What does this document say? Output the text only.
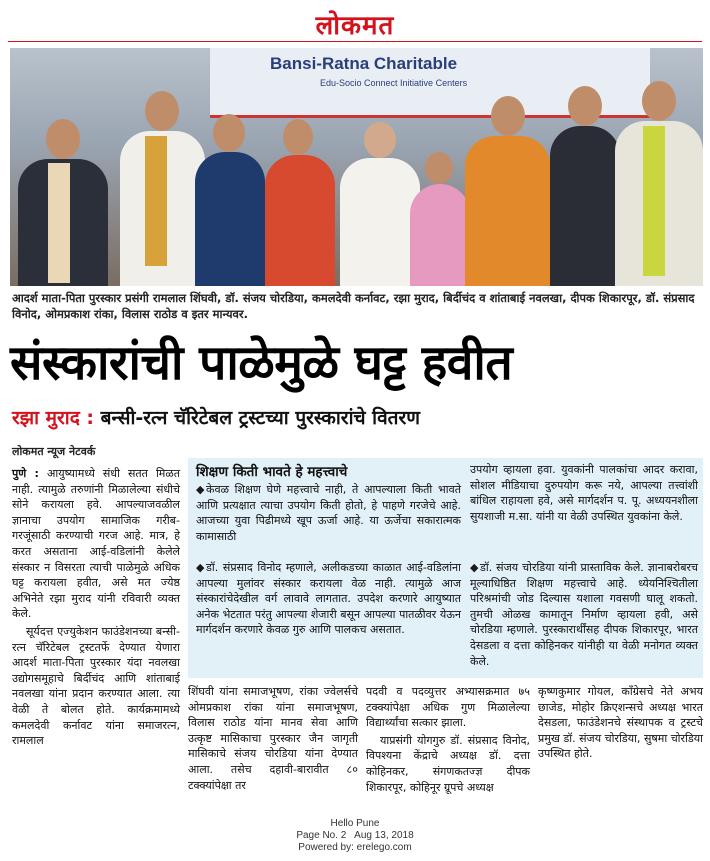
लोकमत
Bansi-Ratna Charitable
Edu-Socio Connect Initiative Centers
आदर्श माता-पिता पुरस्कार प्रसंगी रामलाल शिंघवी, डॉ. संजय चोरडिया, कमलदेवी कर्नावट, रझा मुराद, बिर्दीचंद व शांताबाई नवलखा, दीपक शिकारपूर, डॉ. संप्रसाद विनोद, ओमप्रकाश रांका, विलास राठोड व इतर मान्यवर.
संस्कारांची पाळेमुळे घट्ट हवीत
रझा मुराद : बन्सी-रत्न चॅरिटेबल ट्रस्टच्या पुरस्कारांचे वितरण
लोकमत न्यूज नेटवर्क

पुणे : आयुष्यामध्ये संधी सतत मिळत नाही. त्यामुळे तरुणांनी मिळालेल्या संधीचे सोने करायला हवे. आपल्याजवळील ज्ञानाचा उपयोग सामाजिक गरीब-गरजूंसाठी करण्याची गरज आहे. मात्र, हे करत असताना आई-वडिलांनी केलेले संस्कार न विसरता त्याची पाळेमुळे अधिक घट्ट करायला हवीत, असे मत ज्येष्ठ अभिनेते रझा मुराद यांनी रविवारी व्यक्त केले.

सूर्यदत्त एज्युकेशन फाउंडेशनच्या बन्सी-रत्न चॅरिटेबल ट्रस्टतर्फे देण्यात येणारा आदर्श माता-पिता पुरस्कार यंदा नवलखा उद्योगसमूहाचे बिर्दीचंद आणि शांताबाई नवलखा यांना प्रदान करण्यात आला. त्या वेळी ते बोलत होते. कार्यक्रमामध्ये कमलदेवी कर्नावट यांना समाजरत्न, रामलाल

शिक्षण किती भावते हे महत्त्वाचे

◆ केवळ शिक्षण घेणे महत्त्वाचे नाही, ते आपल्याला किती भावते आणि प्रत्यक्षात त्याचा उपयोग किती होतो, हे पाहणे गरजेचे आहे. आजच्या युवा पिढीमध्ये खूप ऊर्जा आहे. या ऊर्जेचा सकारात्मक कामासाठी

उपयोग व्हायला हवा. युवकांनी पालकांचा आदर करावा, सोशल मीडियाचा दुरुपयोग करू नये, आपल्या तत्त्वांशी बांधिल राहायला हवे, असे मार्गदर्शन प. पू. अध्ययनशीला सुयशाजी म.सा. यांनी या वेळी उपस्थित युवकांना केले.

◆ डॉ. संप्रसाद विनोद म्हणाले, अलीकडच्या काळात आई-वडिलांना आपल्या मुलांवर संस्कार करायला वेळ नाही. त्यामुळे आज संस्कारांचेदेखील वर्ग लावावे लागतात. उपदेश करणारे आयुष्यात अनेक भेटतात परंतु आपल्या शेजारी बसून आपल्या पातळीवर येऊन मार्गदर्शन करणारे केवळ गुरु आणि पालकच असतात.

◆ डॉ. संजय चोरडिया यांनी प्रास्ताविक केले. ज्ञानाबरोबरच मूल्याधिष्ठित शिक्षण महत्त्वाचे आहे. ध्येयनिश्चितीला परिश्रमांची जोड दिल्यास यशाला गवसणी घालू शकतो. तुमची ओळख कामातून निर्माण व्हायला हवी, असे चोरडिया म्हणाले. पुरस्कारार्थींसह दीपक शिकारपूर, भारत देसडला व दत्ता कोहिनकर यांनीही या वेळी मनोगत व्यक्त केले.

शिंघवी यांना समाजभूषण, रांका ज्वेलर्सचे ओमप्रकाश रांका यांना समाजभूषण, विलास राठोड यांना मानव सेवा आणि उत्कृष्ट मासिकाचा पुरस्कार जैन जागृती मासिकाचे संजय चोरडिया यांना देण्यात आला. तसेच दहावी-बारावीत ८० टक्क्यांपेक्षा तर

पदवी व पदव्युत्तर अभ्यासक्रमात ७५ टक्क्यांपेक्षा अधिक गुण मिळालेल्या विद्यार्थ्यांचा सत्कार झाला.

याप्रसंगी योगगुरु डॉ. संप्रसाद विनोद, विपश्यना केंद्राचे अध्यक्ष डॉ. दत्ता कोहिनकर, संगणकतज्ज्ञ दीपक शिकारपूर, कोहिनूर ग्रूपचे अध्यक्ष

कृष्णकुमार गोयल, काँग्रेसचे नेते अभय छाजेड, मोहोर क्रिएशन्सचे अध्यक्ष भारत देसडला, फाउंडेशनचे संस्थापक व ट्रस्टचे प्रमुख डॉ. संजय चोरडिया, सुषमा चोरडिया उपस्थित होते.
Hello Pune
Page No. 2   Aug 13, 2018
Powered by: erelego.com
